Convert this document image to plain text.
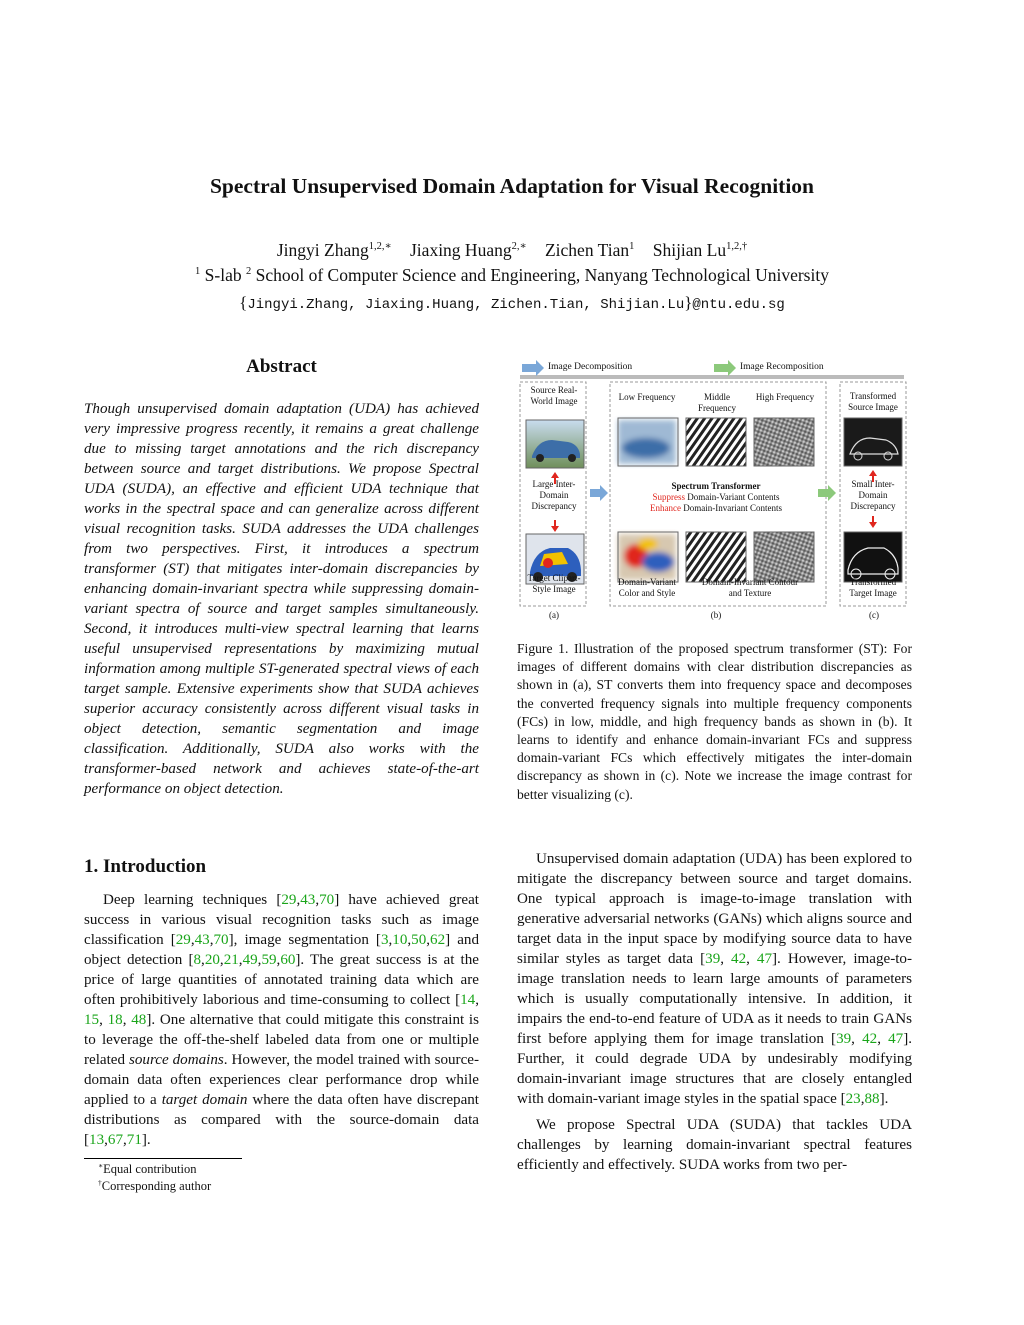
Spectral Unsupervised Domain Adaptation for Visual Recognition
Jingyi Zhang$^{1,2,∗}$ Jiaxing Huang$^{2,∗}$ Zichen Tian$^1$ Shijian $Lu^{1,2,\dagger}$
$^1$ S-lab $^2$ School of Computer Science and Engineering, Nanyang Technological University
{Jingyi.Zhang, Jiaxing.Huang, Zichen.Tian, Shijian.Lu}@ntu.edu.sg
Abstract
Though unsupervised domain adaptation (UDA) has achieved very impressive progress recently, it remains a great challenge due to missing target annotations and the rich discrepancy between source and target distributions. We propose Spectral UDA (SUDA), an effective and efficient UDA technique that works in the spectral space and can generalize across different visual recognition tasks. SUDA addresses the UDA challenges from two perspectives. First, it introduces a spectrum transformer (ST) that mitigates inter-domain discrepancies by enhancing domain-invariant spectra while suppressing domain-variant spectra of source and target samples simultaneously. Second, it introduces multi-view spectral learning that learns useful unsupervised representations by maximizing mutual information among multiple ST-generated spectral views of each target sample. Extensive experiments show that SUDA achieves superior accuracy consistently across different visual tasks in object detection, semantic segmentation and image classification. Additionally, SUDA also works with the transformer-based network and achieves state-of-the-art performance on object detection.
Image Decomposition	Image Recomposition
Source Real-World Image
Large Inter-Domain Discrepancy
Target Clipart-Style Image
Low Frequency	Middle Frequency
High Frequency
Spectrum Transformer
Suppress Domain-Variant Contents
Enhance Domain-Invariant Contents
Domain-Variant Color and Style
Domain-Invariant Contour and Texture
Transformed Source Image
Small Inter-Domain Discrepancy
Transformed Target Image
(a)	(b)	(c)
Figure 1. Illustration of the proposed spectrum transformer (ST): For images of different domains with clear distribution discrepancies as shown in (a), ST converts them into frequency space and decomposes the converted frequency signals into multiple frequency components (FCs) in low, middle, and high frequency bands as shown in (b). It learns to identify and enhance domain-invariant FCs and suppress domain-variant FCs which effectively mitigates the inter-domain discrepancy as shown in (c). Note we increase the image contrast for better visualizing (c).
1. Introduction

Deep learning techniques [29,43,70] have achieved great success in various visual recognition tasks such as image classification [29,43,70], image segmentation [3,10,50,62] and object detection [8,20,21,49,59,60]. The great success is at the price of large quantities of annotated training data which are often prohibitively laborious and time-consuming to collect [14, 15, 18, 48]. One alternative that could mitigate this constraint is to leverage the off-the-shelf labeled data from one or multiple related source domains. However, the model trained with source-domain data often experiences clear performance drop while applied to a target domain where the data often have discrepant distributions as compared with the source-domain data [13,67,71].

Unsupervised domain adaptation (UDA) has been explored to mitigate the discrepancy between source and target domains. One typical approach is image-to-image translation with generative adversarial networks (GANs) which aligns source and target data in the input space by modifying source data to have similar styles as target data [39, 42, 47]. However, image-to-image translation needs to learn large amounts of parameters which is usually computationally intensive. In addition, it impairs the end-to-end feature of UDA as it needs to train GANs first before applying them for image translation [39, 42, 47]. Further, it could degrade UDA by undesirably modifying domain-invariant image structures that are closely entangled with domain-variant image styles in the spatial space [23,88].

We propose Spectral UDA (SUDA) that tackles UDA challenges by learning domain-invariant spectral features efficiently and effectively. SUDA works from two per-

∗Equal contribution
†Corresponding author
